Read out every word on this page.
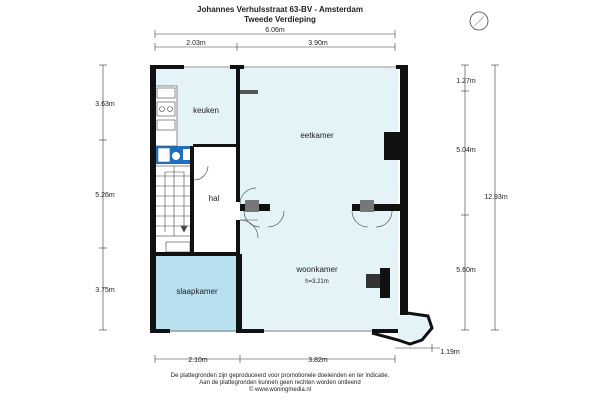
Johannes Verhulsstraat 63-BV - Amsterdam
Tweede Verdieping	N
6.06m
2.03m	3.90m
3.63m
5.26m
3.75m
1.27m
5.04m
5.60m
12.93m
2.10m	3.82m
1.19m
keuken
eetkamer
hal
woonkamer
h=3.21m
slaapkamer
De plattegronden zijn geproduceerd voor promotionele doeleinden en ter indicatie.
Aan de plattegronden kunnen geen rechten worden ontleend
© www.woningmedia.nl
